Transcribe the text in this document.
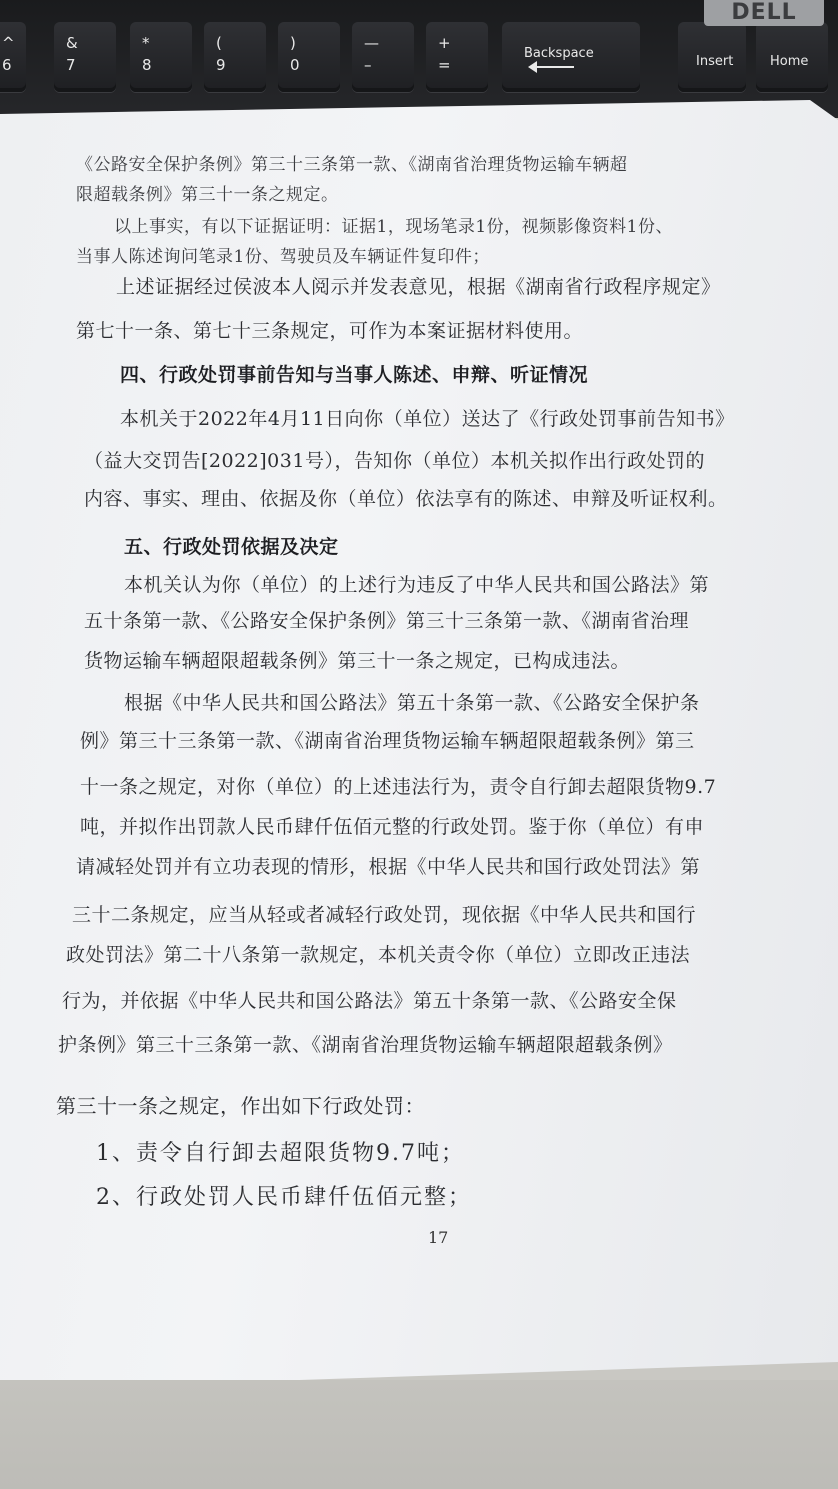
^
6
&
7
*
8
(
9
)
0
—
–
+
=
Backspace
Insert	Home
DELL
《公路安全保护条例》第三十三条第一款、《湖南省治理货物运输车辆超
限超载条例》第三十一条之规定。
以上事实，有以下证据证明：证据1，现场笔录1份，视频影像资料1份、
当事人陈述询问笔录1份、驾驶员及车辆证件复印件；
上述证据经过侯波本人阅示并发表意见，根据《湖南省行政程序规定》
第七十一条、第七十三条规定，可作为本案证据材料使用。
四、行政处罚事前告知与当事人陈述、申辩、听证情况
本机关于2022年4月11日向你（单位）送达了《行政处罚事前告知书》
（益大交罚告[2022]031号），告知你（单位）本机关拟作出行政处罚的
内容、事实、理由、依据及你（单位）依法享有的陈述、申辩及听证权利。
五、行政处罚依据及决定
本机关认为你（单位）的上述行为违反了中华人民共和国公路法》第
五十条第一款、《公路安全保护条例》第三十三条第一款、《湖南省治理
货物运输车辆超限超载条例》第三十一条之规定，已构成违法。
根据《中华人民共和国公路法》第五十条第一款、《公路安全保护条
例》第三十三条第一款、《湖南省治理货物运输车辆超限超载条例》第三
十一条之规定，对你（单位）的上述违法行为，责令自行卸去超限货物9.7
吨，并拟作出罚款人民币肆仟伍佰元整的行政处罚。鉴于你（单位）有申
请减轻处罚并有立功表现的情形，根据《中华人民共和国行政处罚法》第
三十二条规定，应当从轻或者减轻行政处罚，现依据《中华人民共和国行
政处罚法》第二十八条第一款规定，本机关责令你（单位）立即改正违法
行为，并依据《中华人民共和国公路法》第五十条第一款、《公路安全保
护条例》第三十三条第一款、《湖南省治理货物运输车辆超限超载条例》
第三十一条之规定，作出如下行政处罚：
1、责令自行卸去超限货物9.7吨；
2、行政处罚人民币肆仟伍佰元整；
17
